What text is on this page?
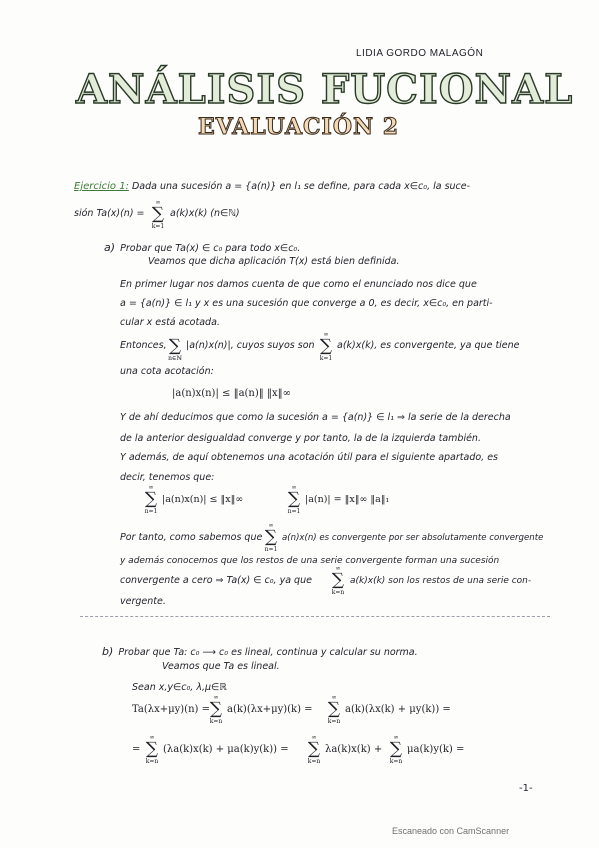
LIDIA GORDO MALAGÓN
ANÁLISIS FUCIONAL
EVALUACIÓN 2
Ejercicio 1: Dada una sucesión a = {a(n)} en l₁ se define, para cada x∈c₀, la suce-
sión Ta(x)(n) =
∞
∑
k=1
a(k)x(k) (n∈ℕ)
a) Probar que Ta(x) ∈ c₀ para todo x∈c₀.
Veamos que dicha aplicación T(x) está bien definida.
En primer lugar nos damos cuenta de que como el enunciado nos dice que
a = {a(n)} ∈ l₁ y x es una sucesión que converge a 0, es decir, x∈c₀, en parti-
cular x está acotada.
Entonces,
∑
n∈ℕ
|a(n)x(n)|, cuyos suyos son
∞
∑
k=1
a(k)x(k), es convergente, ya que tiene
una cota acotación:
|a(n)x(n)| ≤ ‖a(n)‖ ‖x‖∞
Y de ahí deducimos que como la sucesión a = {a(n)} ∈ l₁ ⇒ la serie de la derecha
de la anterior desigualdad converge y por tanto, la de la izquierda también.
Y además, de aquí obtenemos una acotación útil para el siguiente apartado, es
decir, tenemos que:
∞
∑
n=1
|a(n)x(n)| ≤ ‖x‖∞
∞
∑
n=1
|a(n)| = ‖x‖∞ ‖a‖₁
Por tanto, como sabemos que
∞
∑
n=1
a(n)x(n) es convergente por ser absolutamente convergente
y además conocemos que los restos de una serie convergente forman una sucesión
convergente a cero ⇒ Ta(x) ∈ c₀, ya que
∞
∑
k=n
a(k)x(k) son los restos de una serie con-
vergente.
b) Probar que Ta: c₀ ⟶ c₀ es lineal, continua y calcular su norma.
Veamos que Ta es lineal.
Sean x,y∈c₀, λ,μ∈ℝ
Ta(λx+μy)(n) =
∞
∑
k=n
a(k)(λx+μy)(k) =
∞
∑
k=n
a(k)(λx(k) + μy(k)) =
=
∞
∑
k=n
(λa(k)x(k) + μa(k)y(k)) =
∞
∑
k=n
λa(k)x(k) +
∞
∑
k=n
μa(k)y(k) =
-1-
Escaneado con CamScanner
